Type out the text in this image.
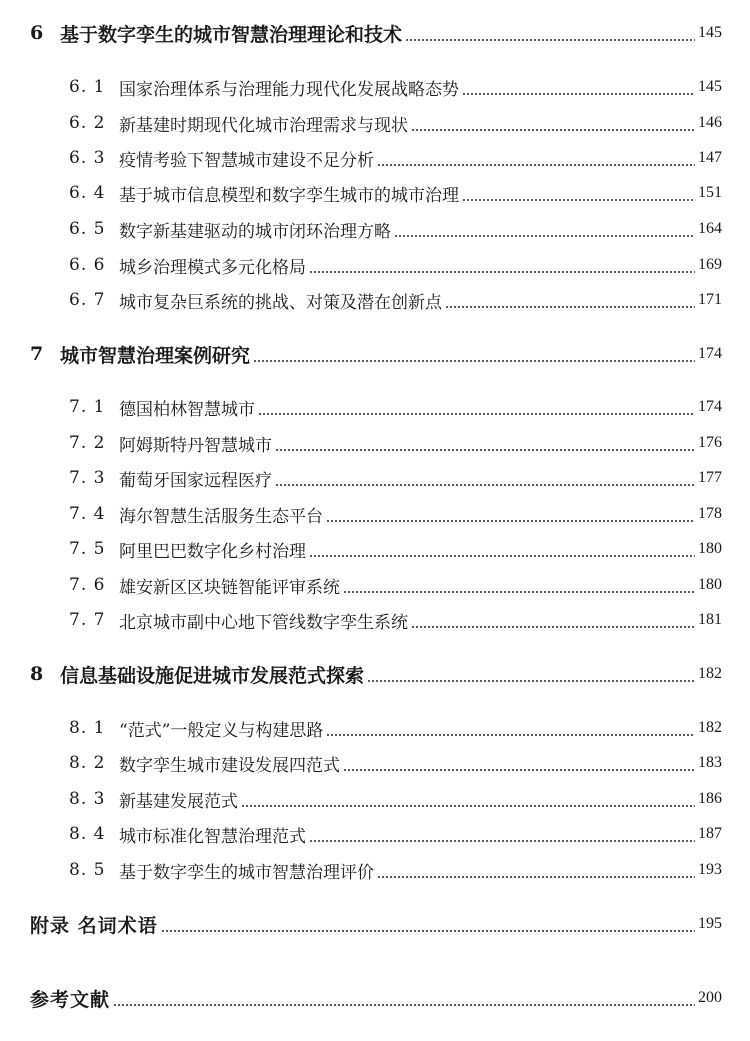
6 基于数字孪生的城市智慧治理理论和技术	145
6. 1 国家治理体系与治理能力现代化发展战略态势	145
6. 2 新基建时期现代化城市治理需求与现状	146
6. 3 疫情考验下智慧城市建设不足分析	147
6. 4 基于城市信息模型和数字孪生城市的城市治理	151
6. 5 数字新基建驱动的城市闭环治理方略	164
6. 6 城乡治理模式多元化格局	169
6. 7 城市复杂巨系统的挑战、对策及潜在创新点	171
7 城市智慧治理案例研究	174
7. 1 德国柏林智慧城市	174
7. 2 阿姆斯特丹智慧城市	176
7. 3 葡萄牙国家远程医疗	177
7. 4 海尔智慧生活服务生态平台	178
7. 5 阿里巴巴数字化乡村治理	180
7. 6 雄安新区区块链智能评审系统	180
7. 7 北京城市副中心地下管线数字孪生系统	181
8 信息基础设施促进城市发展范式探索	182
8. 1 “范式”一般定义与构建思路	182
8. 2 数字孪生城市建设发展四范式	183
8. 3 新基建发展范式	186
8. 4 城市标准化智慧治理范式	187
8. 5 基于数字孪生的城市智慧治理评价	193
附录 名词术语	195
参考文献	200
